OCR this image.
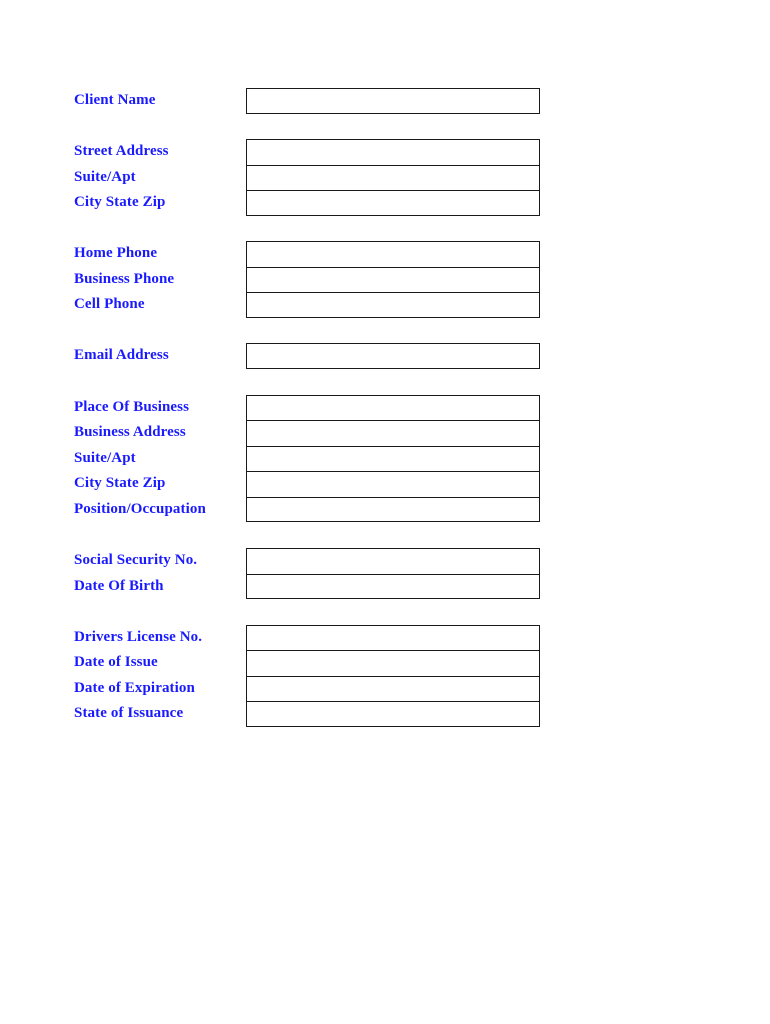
Client Name
Street Address
Suite/Apt
City State Zip
Home Phone
Business Phone
Cell Phone
Email Address
Place Of Business
Business Address
Suite/Apt
City State Zip
Position/Occupation
Social Security No.
Date Of Birth
Drivers License No.
Date of Issue
Date of Expiration
State of Issuance
